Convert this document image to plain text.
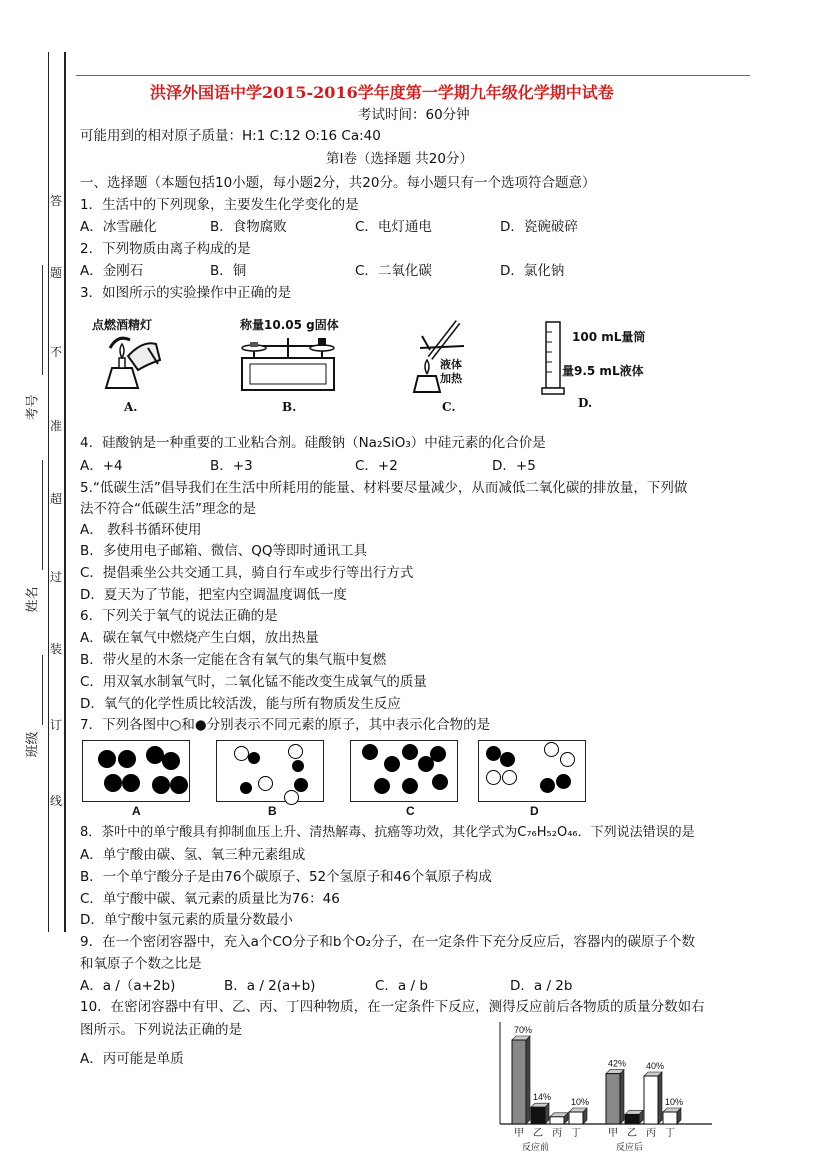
答
题
不
准
超
过
装
订
线
考号
姓名
班级
洪泽外国语中学2015-2016学年度第一学期九年级化学期中试卷
考试时间：60分钟
可能用到的相对原子质量：H:1 C:12 O:16 Ca:40
第Ⅰ卷（选择题 共20分）
一、选择题（本题包括10小题，每小题2分，共20分。每小题只有一个选项符合题意）
1．生活中的下列现象，主要发生化学变化的是
A．冰雪融化	B．食物腐败	C．电灯通电	D．瓷碗破碎
2．下列物质由离子构成的是
A．金刚石	B．铜	C．二氧化碳	D．氯化钠
3．如图所示的实验操作中正确的是
点燃酒精灯
A.
称量10.05 g固体
B.
液体
加热
C.
100 mL量筒
量9.5 mL液体
D.
4．硅酸钠是一种重要的工业粘合剂。硅酸钠（Na₂SiO₃）中硅元素的化合价是
A．+4	B．+3	C．+2	D．+5
5.“低碳生活”倡导我们在生活中所耗用的能量、材料要尽量减少，从而减低二氧化碳的排放量，下列做
法不符合“低碳生活”理念的是
A． 教科书循环使用
B．多使用电子邮箱、微信、QQ等即时通讯工具
C．提倡乘坐公共交通工具，骑自行车或步行等出行方式
D．夏天为了节能，把室内空调温度调低一度
6．下列关于氧气的说法正确的是
A．碳在氧气中燃烧产生白烟，放出热量
B．带火星的木条一定能在含有氧气的集气瓶中复燃
C．用双氧水制氧气时，二氧化锰不能改变生成氧气的质量
D．氧气的化学性质比较活泼，能与所有物质发生反应
7．下列各图中○和●分别表示不同元素的原子，其中表示化合物的是
A	B	C	D
8．茶叶中的单宁酸具有抑制血压上升、清热解毒、抗癌等功效，其化学式为C₇₆H₅₂O₄₆．下列说法错误的是
A．单宁酸由碳、氢、氧三种元素组成
B．一个单宁酸分子是由76个碳原子、52个氢原子和46个氧原子构成
C．单宁酸中碳、氧元素的质量比为76：46
D．单宁酸中氢元素的质量分数最小
9．在一个密闭容器中，充入a个CO分子和b个O₂分子，在一定条件下充分反应后，容器内的碳原子个数
和氧原子个数之比是
A．a /（a+2b)	B．a / 2(a+b)	C．a / b	D．a / 2b
10．在密闭容器中有甲、乙、丙、丁四种物质，在一定条件下反应，测得反应前后各物质的质量分数如右
图所示。下列说法正确的是
A．丙可能是单质
70%
甲
14%
乙 丙
10%
丁
反应前
42%
甲 乙
40%
丙
10%
丁
反应后
